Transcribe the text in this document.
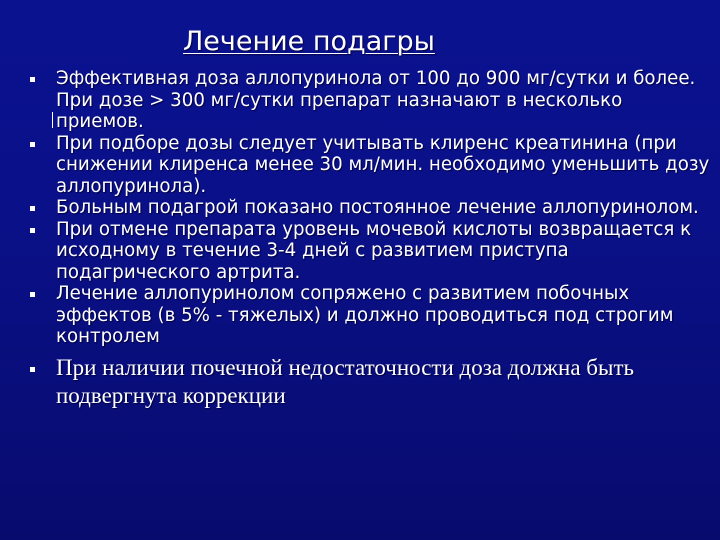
Лечение подагры
Эффективная доза аллопуринола от 100 до 900 мг/сутки и более. При дозе > 300 мг/сутки препарат назначают в несколько приемов.
При подборе дозы следует учитывать клиренс креатинина (при снижении клиренса менее 30 мл/мин. необходимо уменьшить дозу аллопуринола).
Больным подагрой показано постоянное лечение аллопуринолом.
При отмене препарата уровень мочевой кислоты возвращается к исходному в течение 3-4 дней с развитием приступа подагрического артрита.
Лечение аллопуринолом сопряжено с развитием побочных эффектов (в 5% - тяжелых) и должно проводиться под строгим контролем
При наличии почечной недостаточности доза должна быть подвергнута коррекции
